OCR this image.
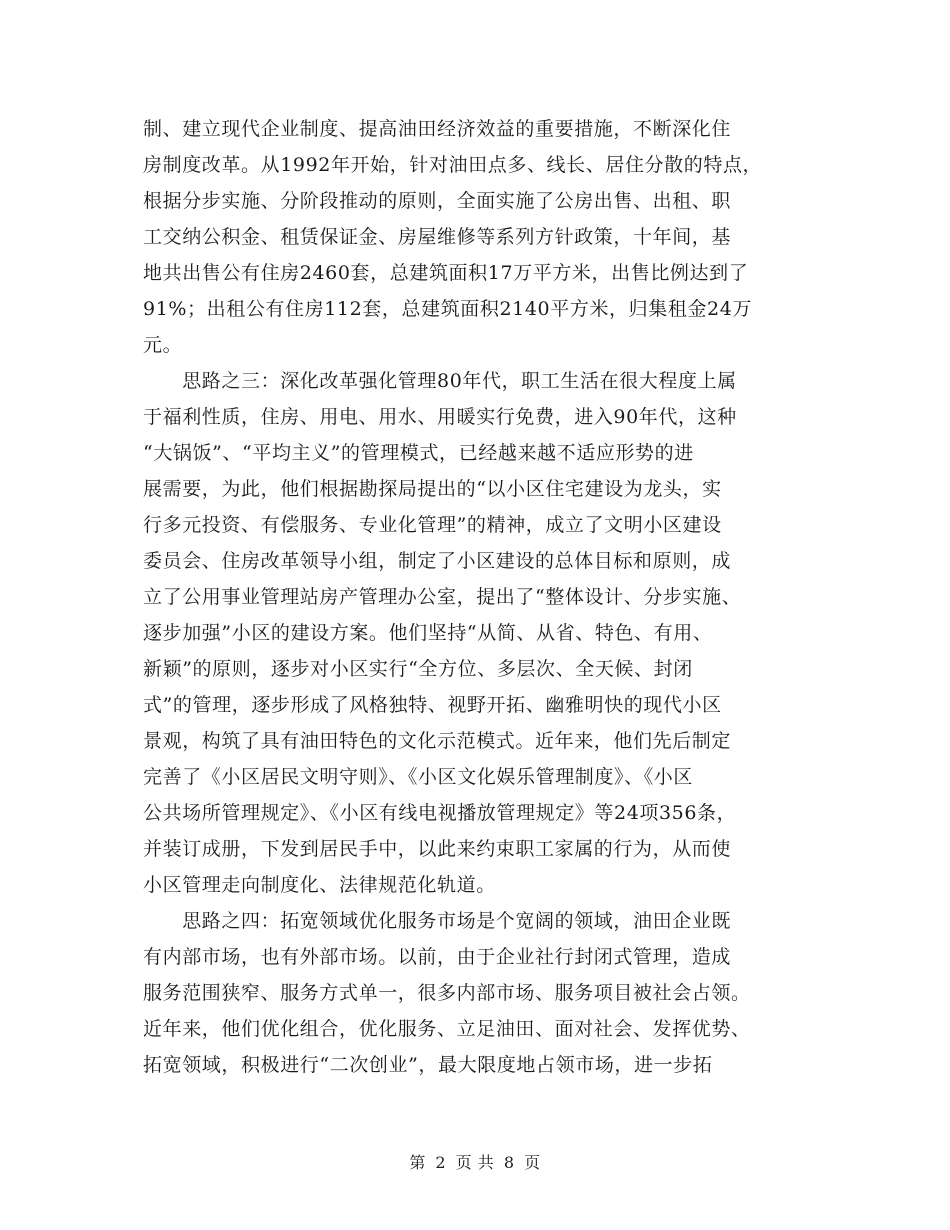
制、建立现代企业制度、提高油田经济效益的重要措施，不断深化住
房制度改革。从1992年开始，针对油田点多、线长、居住分散的特点，
根据分步实施、分阶段推动的原则，全面实施了公房出售、出租、职
工交纳公积金、租赁保证金、房屋维修等系列方针政策，十年间，基
地共出售公有住房2460套，总建筑面积17万平方米，出售比例达到了
91%；出租公有住房112套，总建筑面积2140平方米，归集租金24万
元。
　　思路之三：深化改革强化管理80年代，职工生活在很大程度上属
于福利性质，住房、用电、用水、用暖实行免费，进入90年代，这种
“大锅饭”、“平均主义”的管理模式，已经越来越不适应形势的进
展需要，为此，他们根据勘探局提出的“以小区住宅建设为龙头，实
行多元投资、有偿服务、专业化管理”的精神，成立了文明小区建设
委员会、住房改革领导小组，制定了小区建设的总体目标和原则，成
立了公用事业管理站房产管理办公室，提出了“整体设计、分步实施、
逐步加强”小区的建设方案。他们坚持“从简、从省、特色、有用、
新颖”的原则，逐步对小区实行“全方位、多层次、全天候、封闭
式”的管理，逐步形成了风格独特、视野开拓、幽雅明快的现代小区
景观，构筑了具有油田特色的文化示范模式。近年来，他们先后制定
完善了《小区居民文明守则》、《小区文化娱乐管理制度》、《小区
公共场所管理规定》、《小区有线电视播放管理规定》等24项356条，
并装订成册，下发到居民手中，以此来约束职工家属的行为，从而使
小区管理走向制度化、法律规范化轨道。
　　思路之四：拓宽领域优化服务市场是个宽阔的领域，油田企业既
有内部市场，也有外部市场。以前，由于企业社行封闭式管理，造成
服务范围狭窄、服务方式单一，很多内部市场、服务项目被社会占领。
近年来，他们优化组合，优化服务、立足油田、面对社会、发挥优势、
拓宽领域，积极进行“二次创业”，最大限度地占领市场，进一步拓
第 2 页 共 8 页
